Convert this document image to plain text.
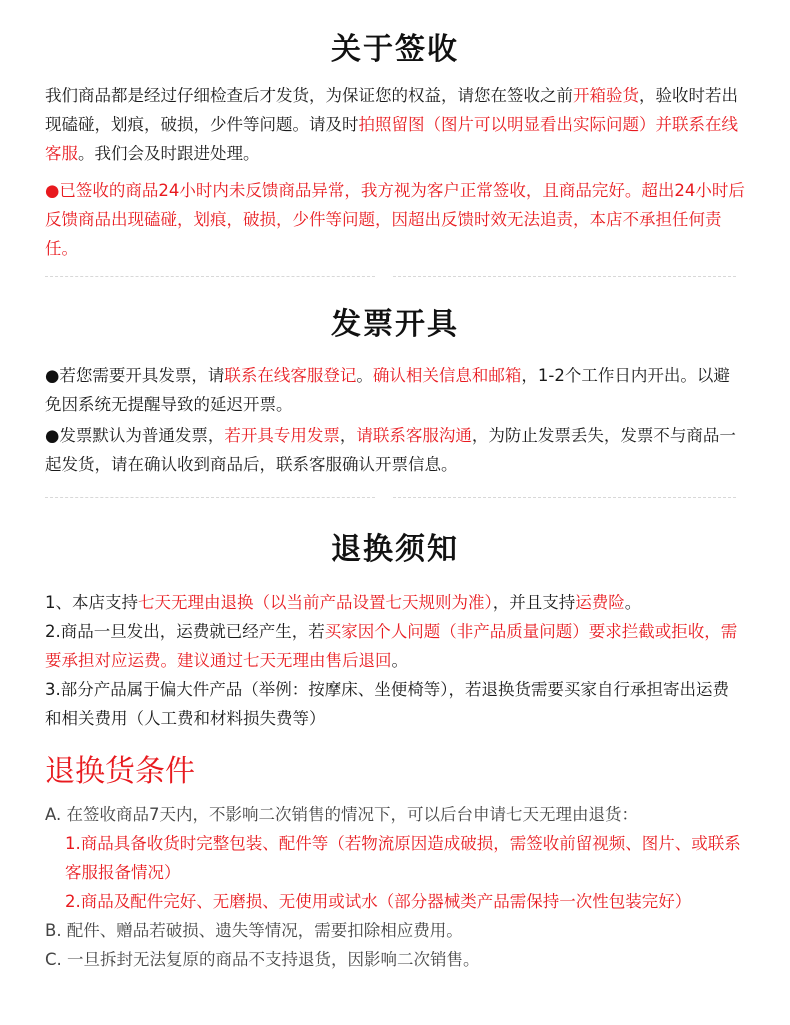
关于签收

我们商品都是经过仔细检查后才发货，为保证您的权益，请您在签收之前开箱验货，验收时若出现磕碰，划痕，破损，少件等问题。请及时拍照留图（图片可以明显看出实际问题）并联系在线客服。我们会及时跟进处理。

●已签收的商品24小时内未反馈商品异常，我方视为客户正常签收，且商品完好。超出24小时后反馈商品出现磕碰，划痕，破损，少件等问题，因超出反馈时效无法追责，本店不承担任何责任。

发票开具

●若您需要开具发票，请联系在线客服登记。确认相关信息和邮箱，1-2个工作日内开出。以避免因系统无提醒导致的延迟开票。

●发票默认为普通发票，若开具专用发票，请联系客服沟通，为防止发票丢失，发票不与商品一起发货，请在确认收到商品后，联系客服确认开票信息。

退换须知

1、本店支持七天无理由退换（以当前产品设置七天规则为准），并且支持运费险。

2.商品一旦发出，运费就已经产生，若买家因个人问题（非产品质量问题）要求拦截或拒收，需要承担对应运费。建议通过七天无理由售后退回。

3.部分产品属于偏大件产品（举例：按摩床、坐便椅等），若退换货需要买家自行承担寄出运费和相关费用（人工费和材料损失费等）

退换货条件

A. 在签收商品7天内，不影响二次销售的情况下，可以后台申请七天无理由退货：

1.商品具备收货时完整包装、配件等（若物流原因造成破损，需签收前留视频、图片、或联系客服报备情况）

2.商品及配件完好、无磨损、无使用或试水（部分器械类产品需保持一次性包装完好）

B. 配件、赠品若破损、遗失等情况，需要扣除相应费用。

C. 一旦拆封无法复原的商品不支持退货，因影响二次销售。
